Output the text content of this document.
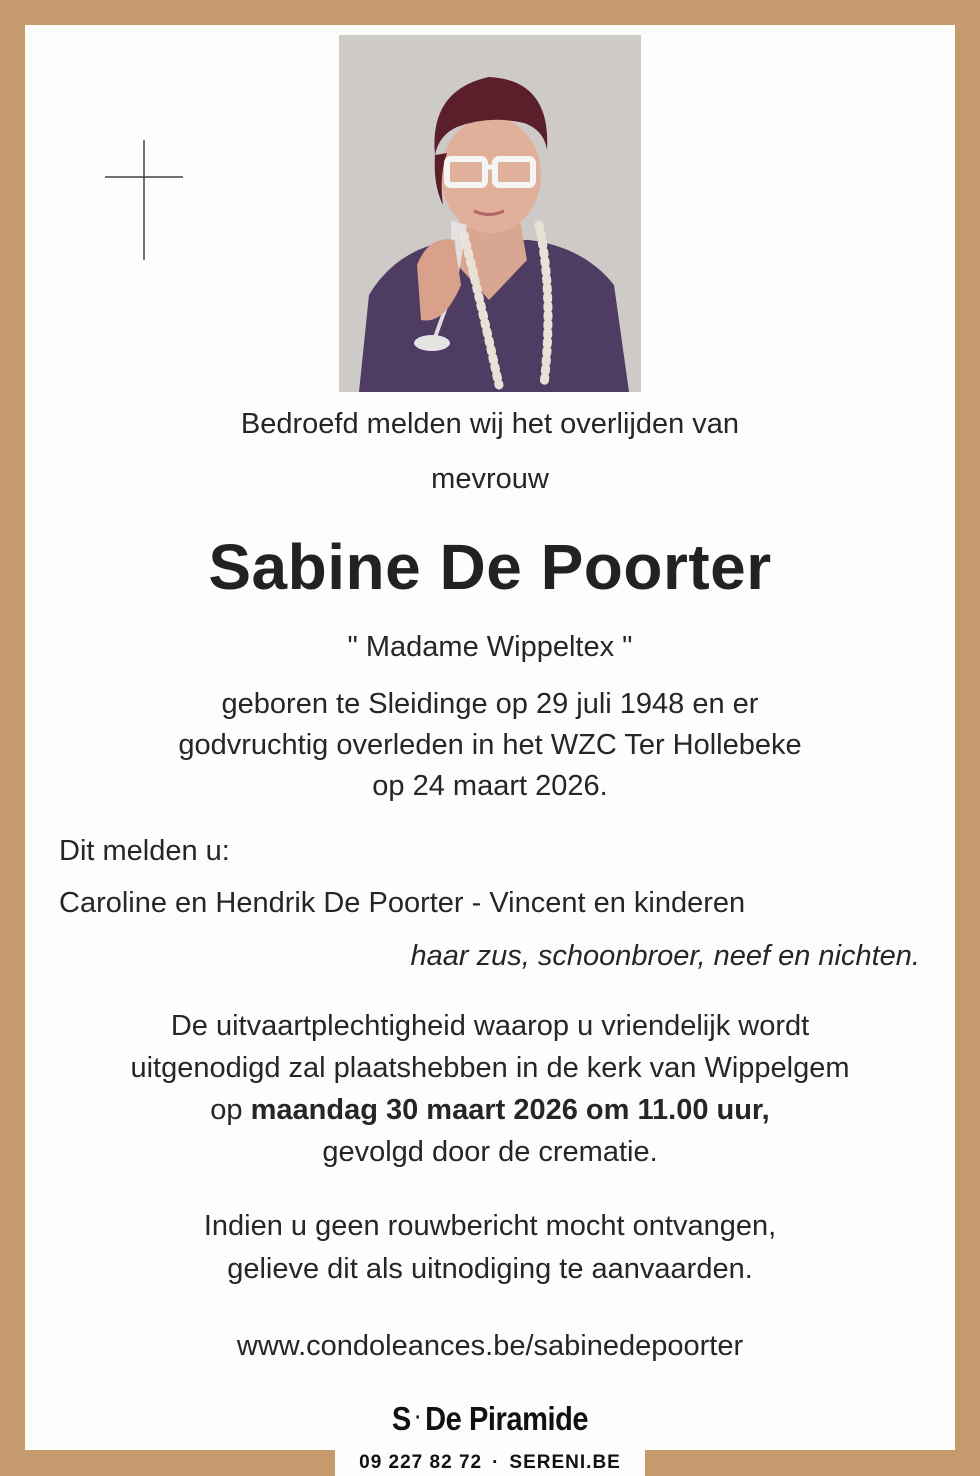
Bedroefd melden wij het overlijden van
mevrouw
Sabine De Poorter
" Madame Wippeltex "
geboren te Sleidinge op 29 juli 1948 en er
godvruchtig overleden in het WZC Ter Hollebeke
op 24 maart 2026.
Dit melden u:
Caroline en Hendrik De Poorter - Vincent en kinderen
haar zus, schoonbroer, neef en nichten.
De uitvaartplechtigheid waarop u vriendelijk wordt
uitgenodigd zal plaatshebben in de kerk van Wippelgem
op maandag 30 maart 2026 om 11.00 uur,
gevolgd door de crematie.
Indien u geen rouwbericht mocht ontvangen,
gelieve dit als uitnodiging te aanvaarden.
www.condoleances.be/sabinedepoorter
S · De Piramide
09 227 82 72 · SERENI.BE
